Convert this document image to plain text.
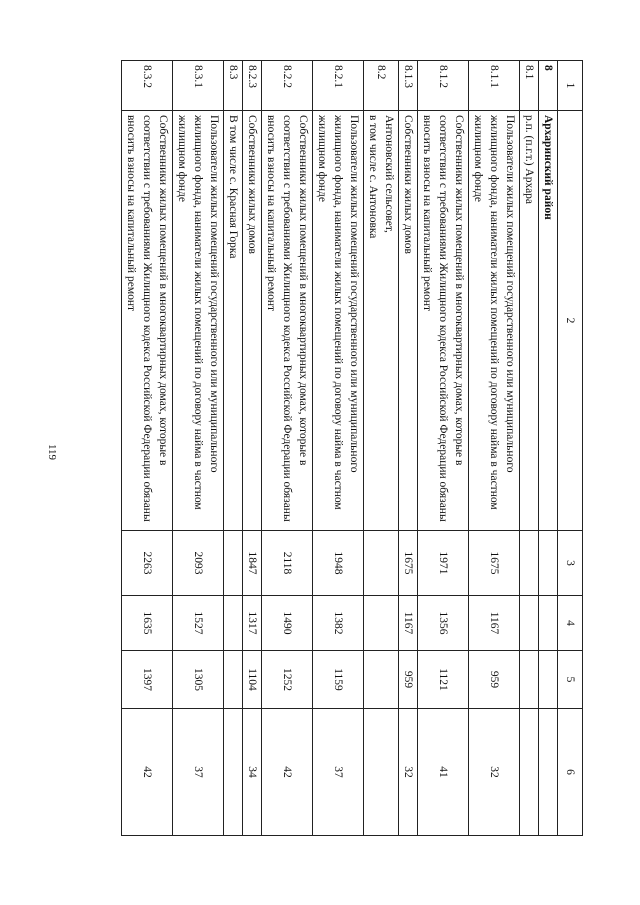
119
1	2	3	4	5	6
8	Архаринский район				
8.1	р.п. (п.г.т.) Архара				
8.1.1	Пользователи жилых помещений государственного или муниципального жилищного фонда, наниматели жилых помещений по договору найма в частном жилищном фонде	1675	1167	959	32
8.1.2	Собственники жилых помещений в многоквартирных домах, которые в соответствии с требованиями Жилищного кодекса Российской Федерации обязаны вносить взносы на капитальный ремонт	1971	1356	1121	41
8.1.3	Собственники жилых домов	1675	1167	959	32
8.2	Антоновский сельсовет,
в том числе с. Антоновка				
8.2.1	Пользователи жилых помещений государственного или муниципального жилищного фонда, наниматели жилых помещений по договору найма в частном жилищном фонде	1948	1382	1159	37
8.2.2	Собственники жилых помещений в многоквартирных домах, которые в соответствии с требованиями Жилищного кодекса Российской Федерации обязаны вносить взносы на капитальный ремонт	2118	1490	1252	42
8.2.3	Собственники жилых домов	1847	1317	1104	34
8.3	В том числе с. Красная Горка				
8.3.1	Пользователи жилых помещений государственного или муниципального жилищного фонда, наниматели жилых помещений по договору найма в частном жилищном фонде	2093	1527	1305	37
8.3.2	Собственники жилых помещений в многоквартирных домах, которые в соответствии с требованиями Жилищного кодекса Российской Федерации обязаны вносить взносы на капитальный ремонт	2263	1635	1397	42
